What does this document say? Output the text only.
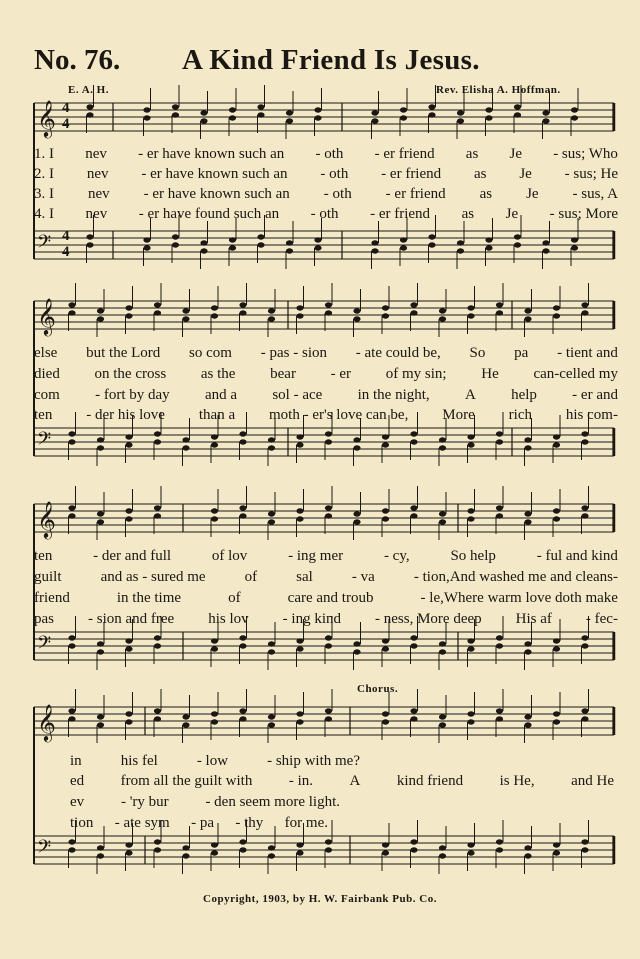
No. 76. A Kind Friend Is Jesus.
E. A. H.	Rev. Elisha A. Hoffman.
𝄞
𝄢
𝄞
𝄢
𝄞
𝄢
𝄞
𝄢
4
4
4
4
1. I nev - er have known such an - oth - er friend as Je - sus; Who
2. I nev - er have known such an - oth - er friend as Je - sus; He
3. I nev - er have known such an - oth - er friend as Je - sus, A
4. I nev - er have found such an - oth - er friend as Je - sus; More
else but the Lord so com - pas - sion - ate could be, So pa - tient and
died on the cross as the bear - er of my sin; He can-celled my
com - fort by day and a sol - ace in the night, A help - er and
ten - der his love than a moth - er's love can be, More rich his com-
ten	- der and full	of lov	- ing mer	- cy,	So help	- ful and kind
guilt	and as - sured me	of	sal	- va	- tion,And washed me and cleans-
friend	in the time	of	care and troub	- le,Where warm love doth make
pas - sion and free his lov - ing kind - ness, More deep His af - fec-
Chorus.
in	his fel	- low	- ship with me?
ed from all the guilt with - in. A kind friend is He, and He
ev - 'ry bur - den seem more light.
tion - ate sym - pa - thy for me.
Copyright, 1903, by H. W. Fairbank Pub. Co.
